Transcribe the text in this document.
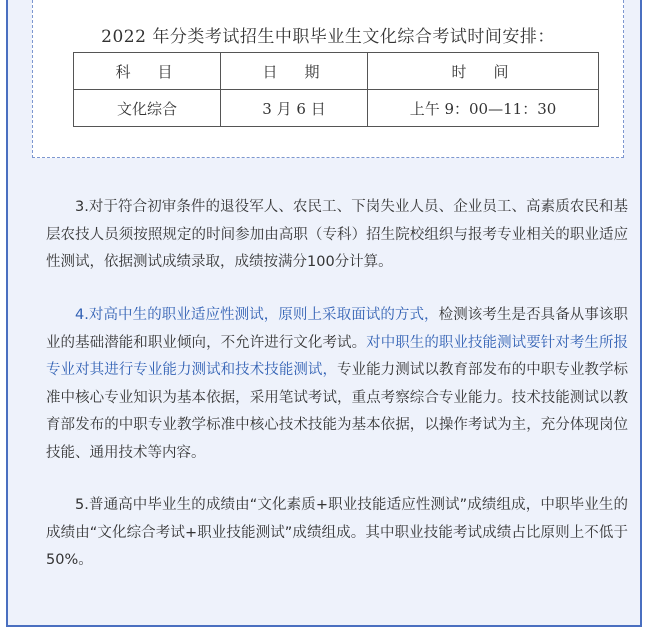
2022 年分类考试招生中职毕业生文化综合考试时间安排：
科　目	日　期	时　间
文化综合	3 月 6 日	上午 9：00—11：30

3.对于符合初审条件的退役军人、农民工、下岗失业人员、企业员工、高素质农民和基层农技人员须按照规定的时间参加由高职（专科）招生院校组织与报考专业相关的职业适应性测试，依据测试成绩录取，成绩按满分100分计算。

4.对高中生的职业适应性测试，原则上采取面试的方式，检测该考生是否具备从事该职业的基础潜能和职业倾向，不允许进行文化考试。对中职生的职业技能测试要针对考生所报专业对其进行专业能力测试和技术技能测试，专业能力测试以教育部发布的中职专业教学标准中核心专业知识为基本依据，采用笔试考试，重点考察综合专业能力。技术技能测试以教育部发布的中职专业教学标准中核心技术技能为基本依据，以操作考试为主，充分体现岗位技能、通用技术等内容。

5.普通高中毕业生的成绩由“文化素质+职业技能适应性测试”成绩组成，中职毕业生的成绩由“文化综合考试+职业技能测试”成绩组成。其中职业技能考试成绩占比原则上不低于50%。
